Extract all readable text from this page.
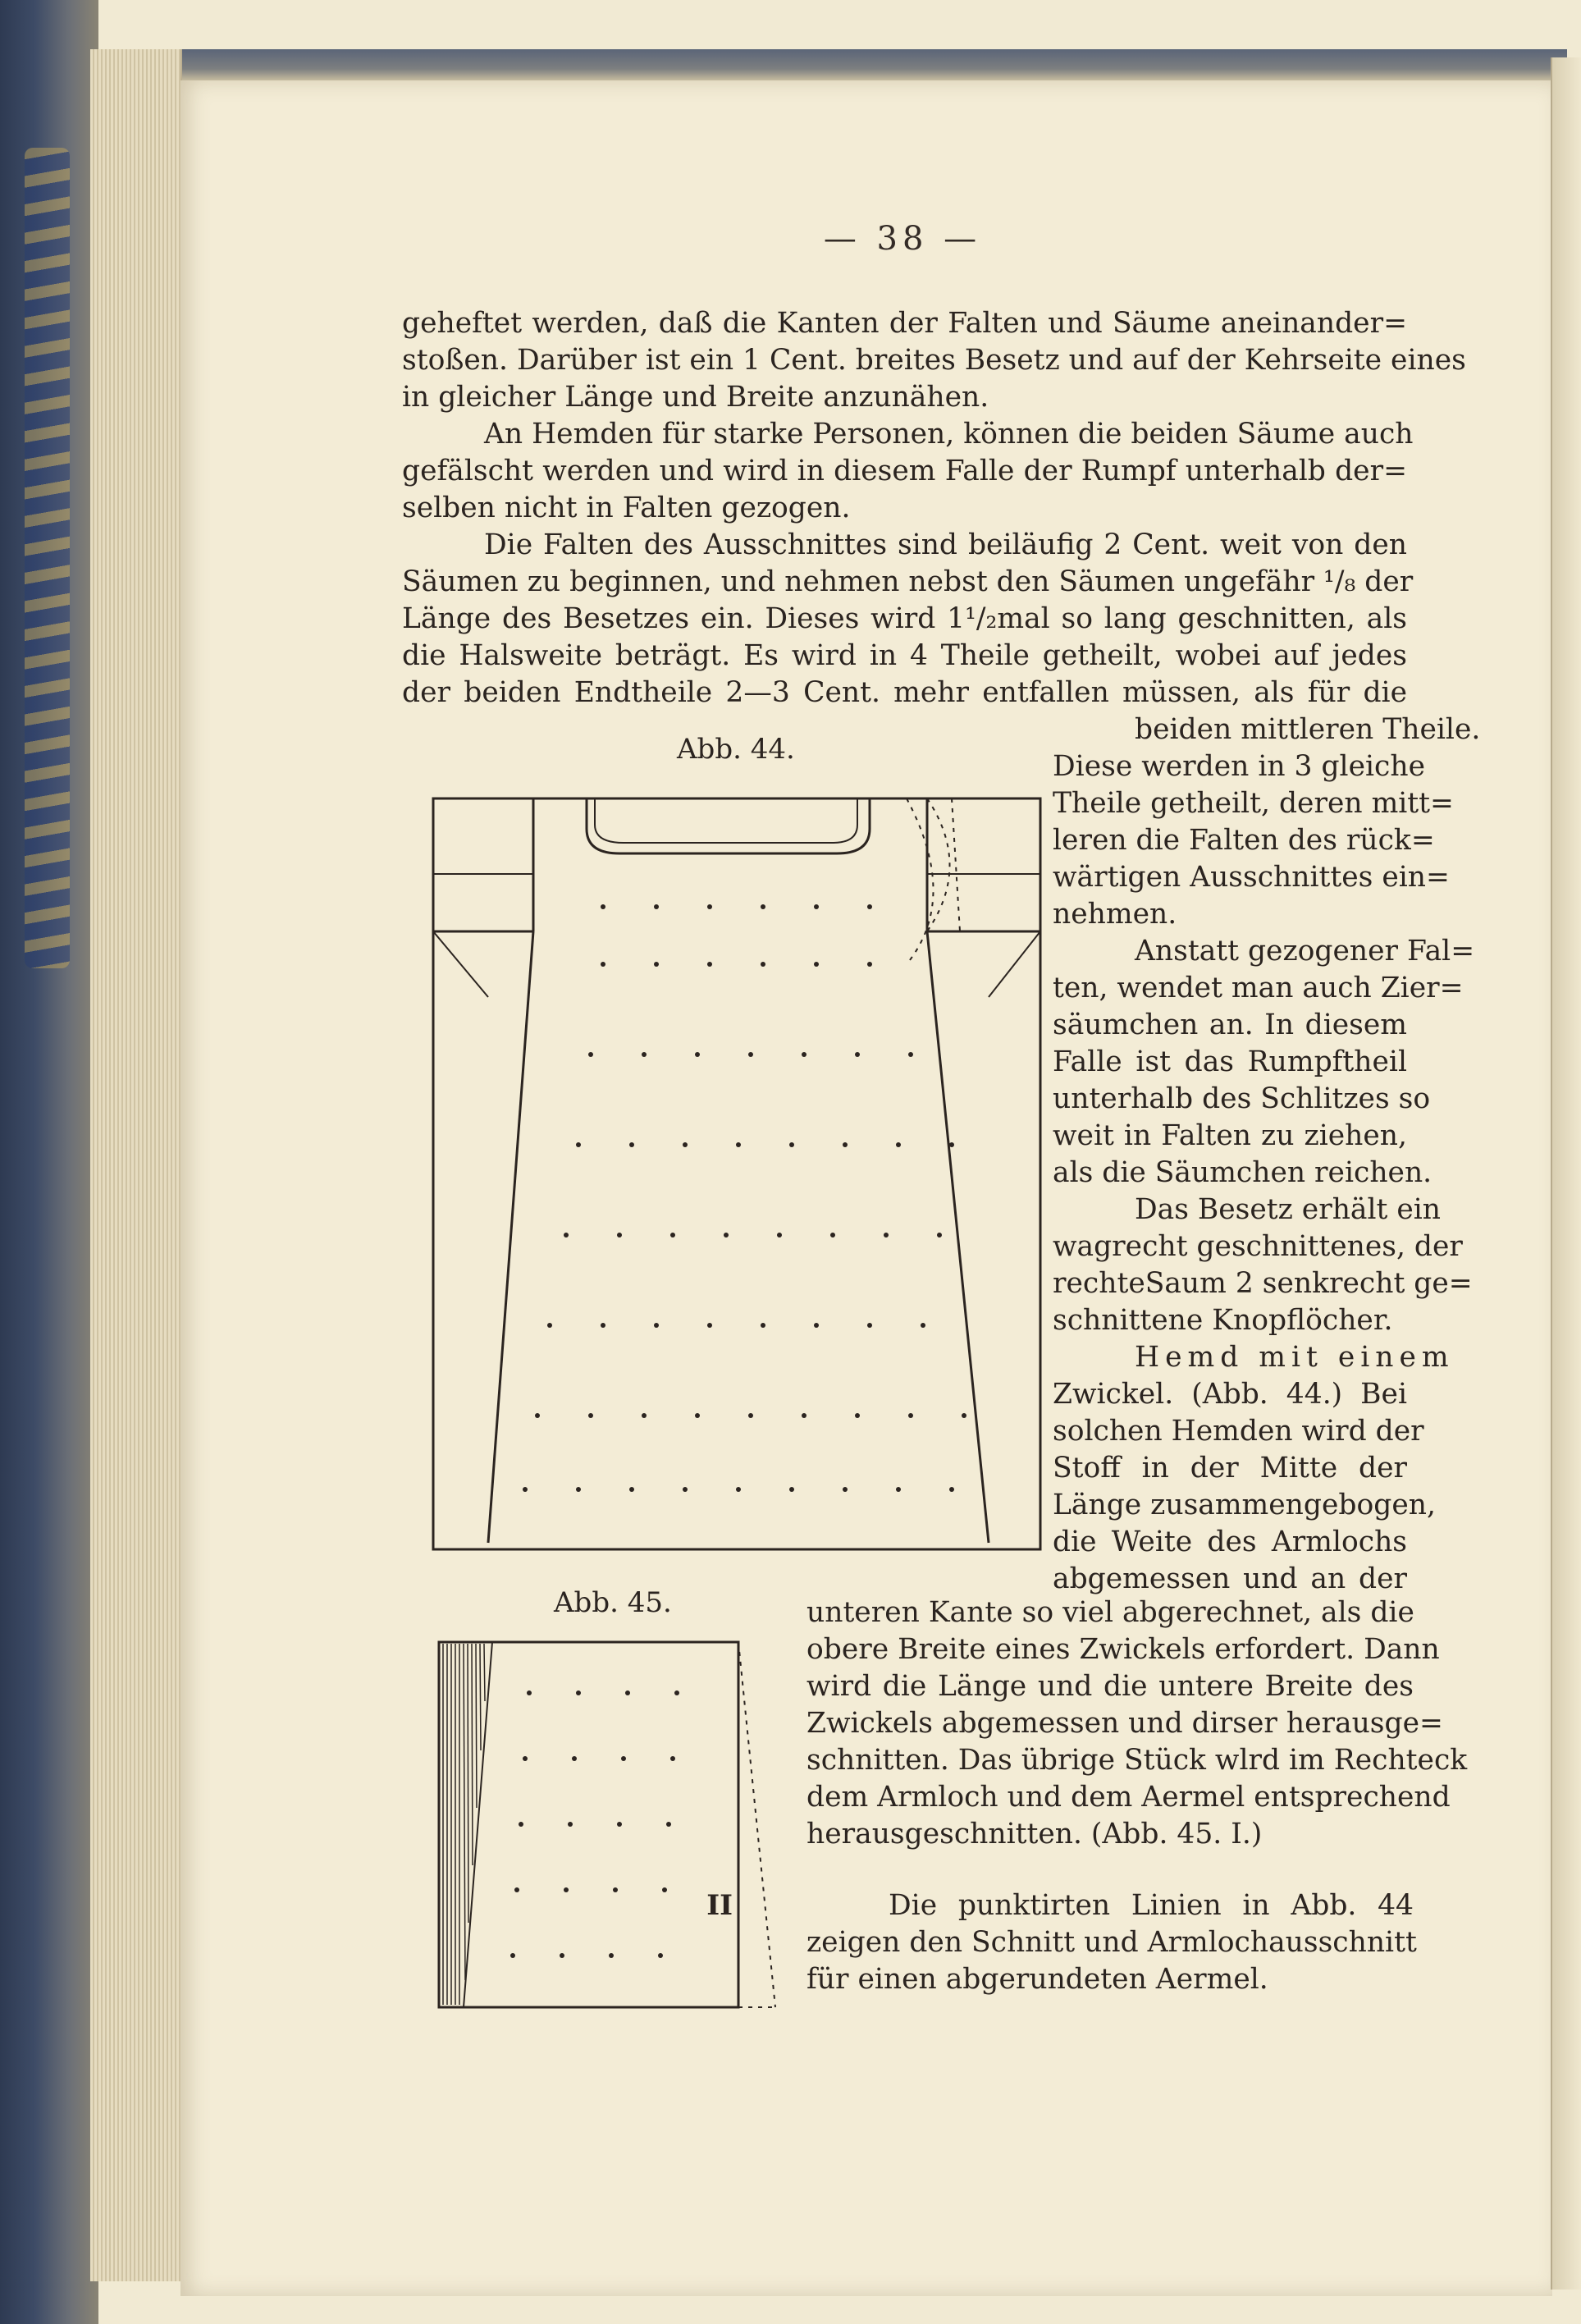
— 38 —
geheftet werden, daß die Kanten der Falten und Säume aneinander=
stoßen. Darüber ist ein 1 Cent. breites Besetz und auf der Kehrseite eines
in gleicher Länge und Breite anzunähen.
An Hemden für starke Personen, können die beiden Säume auch
gefälscht werden und wird in diesem Falle der Rumpf unterhalb der=
selben nicht in Falten gezogen.
Die Falten des Ausschnittes sind beiläufig 2 Cent. weit von den
Säumen zu beginnen, und nehmen nebst den Säumen ungefähr ¹/₈ der
Länge des Besetzes ein. Dieses wird 1¹/₂mal so lang geschnitten, als
die Halsweite beträgt. Es wird in 4 Theile getheilt, wobei auf jedes
der beiden Endtheile 2—3 Cent. mehr entfallen müssen, als für die
beiden mittleren Theile.
Diese werden in 3 gleiche
Theile getheilt, deren mitt=
leren die Falten des rück=
wärtigen Ausschnittes ein=
nehmen.
Anstatt gezogener Fal=
ten, wendet man auch Zier=
säumchen an. In diesem
Falle ist das Rumpftheil
unterhalb des Schlitzes so
weit in Falten zu ziehen,
als die Säumchen reichen.
Das Besetz erhält ein
wagrecht geschnittenes, der
rechteSaum 2 senkrecht ge=
schnittene Knopflöcher.
Hemd mit einem
Zwickel. (Abb. 44.) Bei
solchen Hemden wird der
Stoff in der Mitte der
Länge zusammengebogen,
die Weite des Armlochs
abgemessen und an der
unteren Kante so viel abgerechnet, als die
obere Breite eines Zwickels erfordert. Dann
wird die Länge und die untere Breite des
Zwickels abgemessen und dirser herausge=
schnitten. Das übrige Stück wlrd im Rechteck
dem Armloch und dem Aermel entsprechend
herausgeschnitten. (Abb. 45. I.)
Die punktirten Linien in Abb. 44
zeigen den Schnitt und Armlochausschnitt
für einen abgerundeten Aermel.
Abb. 44.
Abb. 45.
II
